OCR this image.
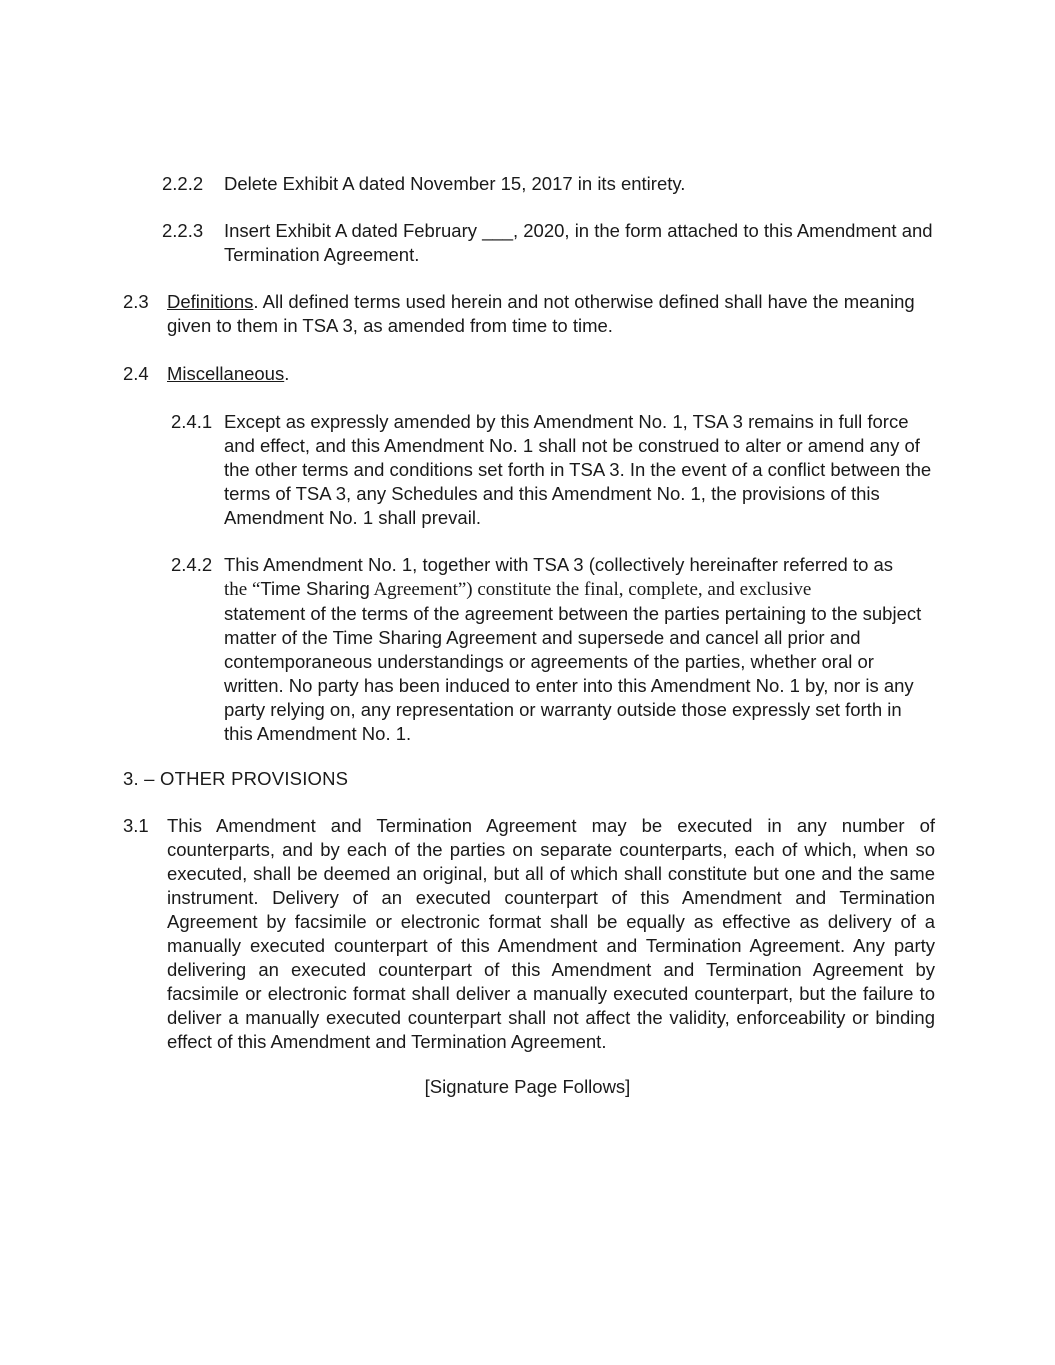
2.2.2	Delete Exhibit A dated November 15, 2017 in its entirety.
2.2.3	Insert Exhibit A dated February ___, 2020, in the form attached to this Amendment and Termination Agreement.
2.3 Definitions. All defined terms used herein and not otherwise defined shall have the meaning given to them in TSA 3, as amended from time to time.
2.4 Miscellaneous.
2.4.1 Except as expressly amended by this Amendment No. 1, TSA 3 remains in full force and effect, and this Amendment No. 1 shall not be construed to alter or amend any of the other terms and conditions set forth in TSA 3. In the event of a conflict between the terms of TSA 3, any Schedules and this Amendment No. 1, the provisions of this Amendment No. 1 shall prevail.
2.4.2 This Amendment No. 1, together with TSA 3 (collectively hereinafter referred to as
the “Time Sharing Agreement”) constitute the final, complete, and exclusive
statement of the terms of the agreement between the parties pertaining to the subject matter of the Time Sharing Agreement and supersede and cancel all prior and contemporaneous understandings or agreements of the parties, whether oral or written. No party has been induced to enter into this Amendment No. 1 by, nor is any party relying on, any representation or warranty outside those expressly set forth in this Amendment No. 1.
3. – OTHER PROVISIONS
3.1 This Amendment and Termination Agreement may be executed in any number of counterparts, and by each of the parties on separate counterparts, each of which, when so executed, shall be deemed an original, but all of which shall constitute but one and the same instrument. Delivery of an executed counterpart of this Amendment and Termination Agreement by facsimile or electronic format shall be equally as effective as delivery of a manually executed counterpart of this Amendment and Termination Agreement. Any party delivering an executed counterpart of this Amendment and Termination Agreement by facsimile or electronic format shall deliver a manually executed counterpart, but the failure to deliver a manually executed counterpart shall not affect the validity, enforceability or binding effect of this Amendment and Termination Agreement.
[Signature Page Follows]
